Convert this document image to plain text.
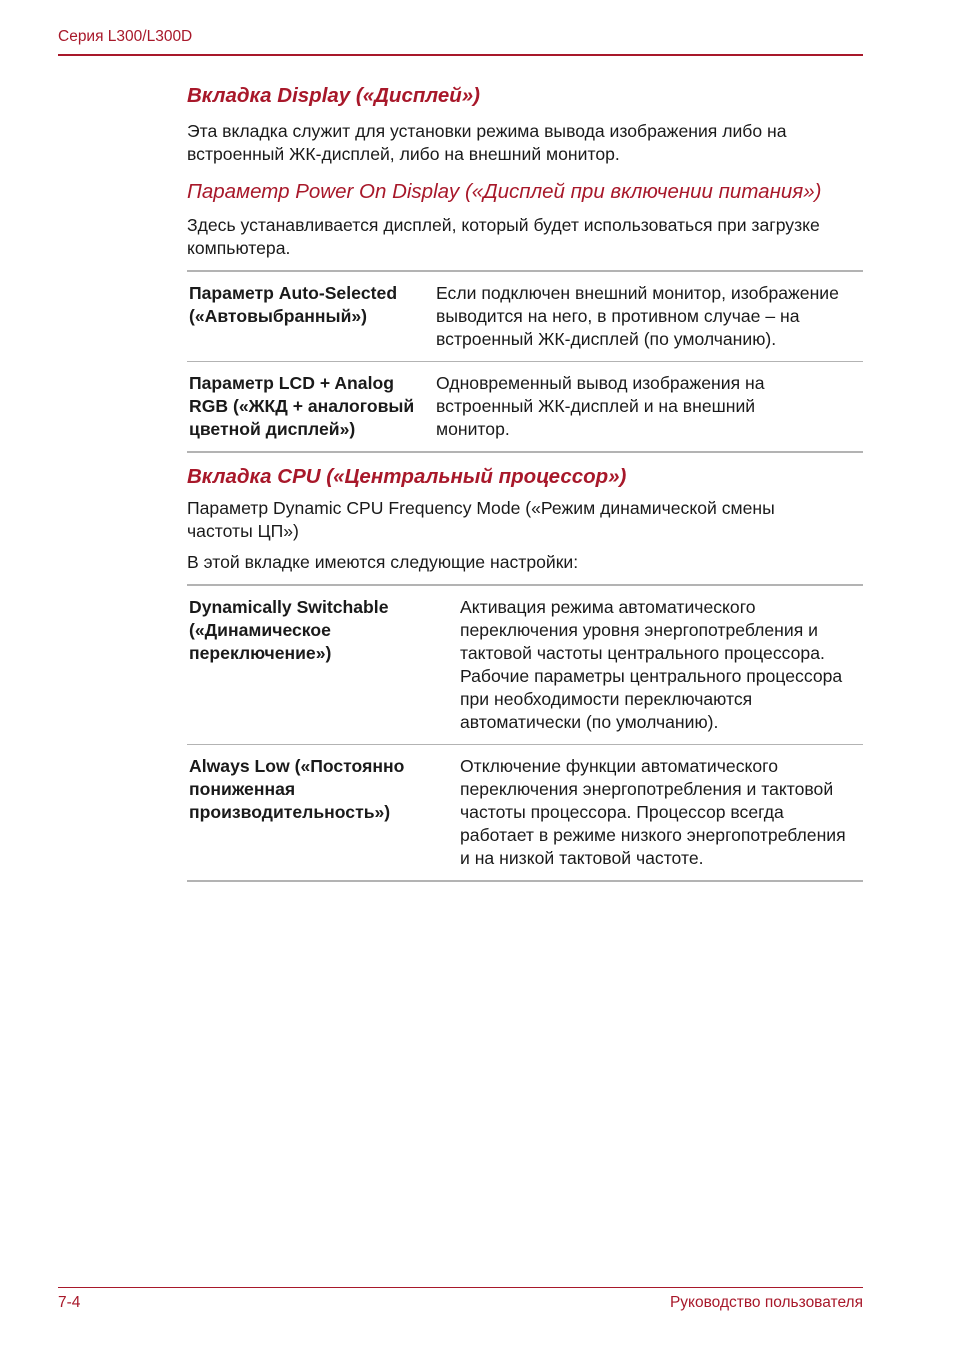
Серия L300/L300D
Вкладка Display («Дисплей»)

Эта вкладка служит для установки режима вывода изображения либо на встроенный ЖК-дисплей, либо на внешний монитор.

Параметр Power On Display («Дисплей при включении питания»)

Здесь устанавливается дисплей, который будет использоваться при загрузке компьютера.

Параметр Auto-Selected («Автовыбранный»)	Если подключен внешний монитор, изображение выводится на него, в противном случае – на встроенный ЖК-дисплей (по умолчанию).
Параметр LCD + Analog RGB («ЖКД + аналоговый цветной дисплей»)	Одновременный вывод изображения на встроенный ЖК-дисплей и на внешний монитор.
Вкладка CPU («Центральный процессор»)

Параметр Dynamic CPU Frequency Mode («Режим динамической смены частоты ЦП»)

В этой вкладке имеются следующие настройки:

Dynamically Switchable («Динамическое переключение»)	Активация режима автоматического переключения уровня энергопотребления и тактовой частоты центрального процессора. Рабочие параметры центрального процессора при необходимости переключаются автоматически (по умолчанию).
Always Low («Постоянно пониженная производительность»)	Отключение функции автоматического переключения энергопотребления и тактовой частоты процессора. Процессор всегда работает в режиме низкого энергопотребления и на низкой тактовой частоте.
7-4	Руководство пользователя
